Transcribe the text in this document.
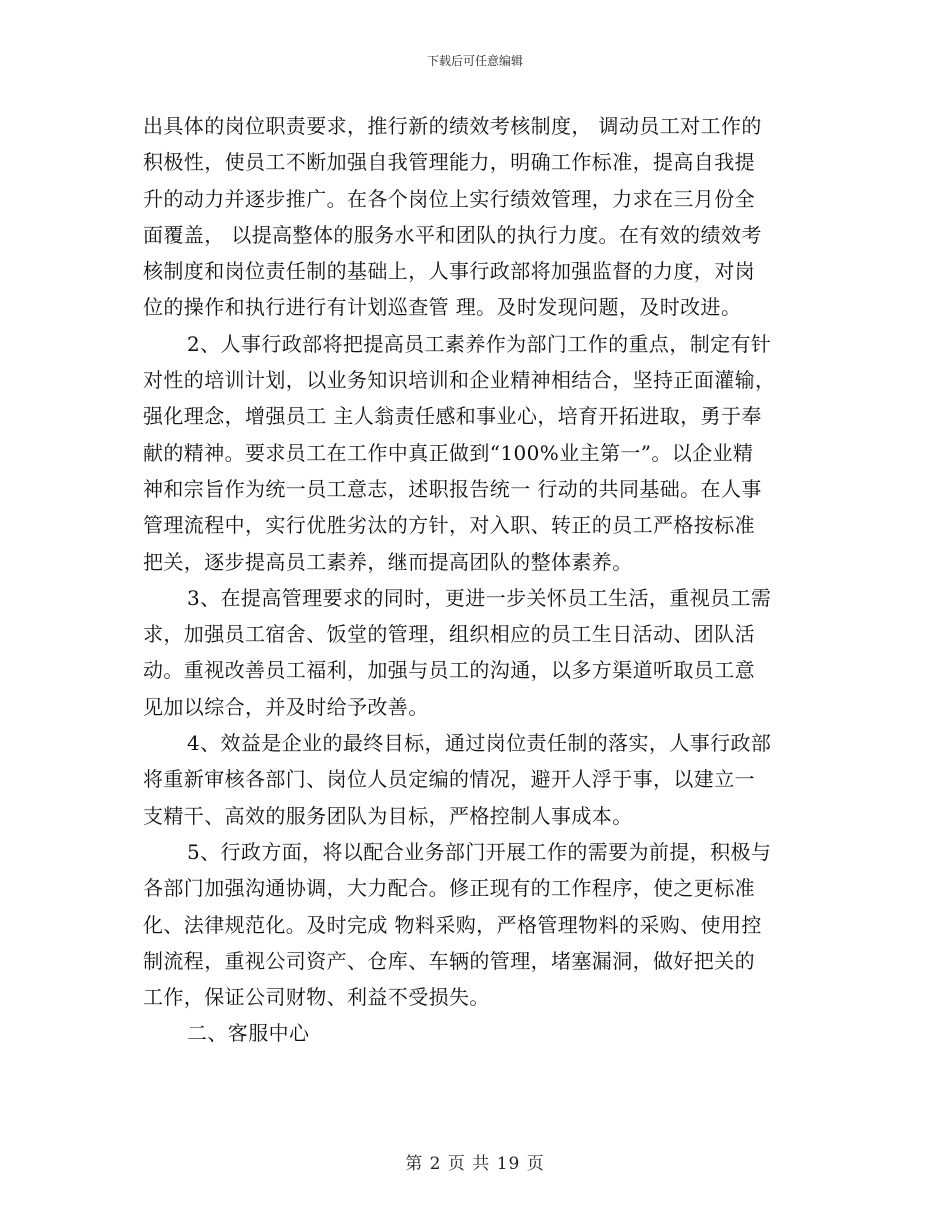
下载后可任意编辑
出具体的岗位职责要求，推行新的绩效考核制度， 调动员工对工作的
积极性，使员工不断加强自我管理能力，明确工作标准，提高自我提
升的动力并逐步推广。在各个岗位上实行绩效管理，力求在三月份全
面覆盖， 以提高整体的服务水平和团队的执行力度。在有效的绩效考
核制度和岗位责任制的基础上，人事行政部将加强监督的力度，对岗
位的操作和执行进行有计划巡查管 理。及时发现问题，及时改进。
2、人事行政部将把提高员工素养作为部门工作的重点，制定有针
对性的培训计划，以业务知识培训和企业精神相结合，坚持正面灌输，
强化理念，增强员工 主人翁责任感和事业心，培育开拓进取，勇于奉
献的精神。要求员工在工作中真正做到“100%业主第一”。以企业精
神和宗旨作为统一员工意志，述职报告统一 行动的共同基础。在人事
管理流程中，实行优胜劣汰的方针，对入职、转正的员工严格按标准
把关，逐步提高员工素养，继而提高团队的整体素养。
3、在提高管理要求的同时，更进一步关怀员工生活，重视员工需
求，加强员工宿舍、饭堂的管理，组织相应的员工生日活动、团队活
动。重视改善员工福利，加强与员工的沟通，以多方渠道听取员工意
见加以综合，并及时给予改善。
4、效益是企业的最终目标，通过岗位责任制的落实，人事行政部
将重新审核各部门、岗位人员定编的情况，避开人浮于事，以建立一
支精干、高效的服务团队为目标，严格控制人事成本。
5、行政方面，将以配合业务部门开展工作的需要为前提，积极与
各部门加强沟通协调，大力配合。修正现有的工作程序，使之更标准
化、法律规范化。及时完成 物料采购，严格管理物料的采购、使用控
制流程，重视公司资产、仓库、车辆的管理，堵塞漏洞，做好把关的
工作，保证公司财物、利益不受损失。
二、客服中心
第 2 页 共 19 页
